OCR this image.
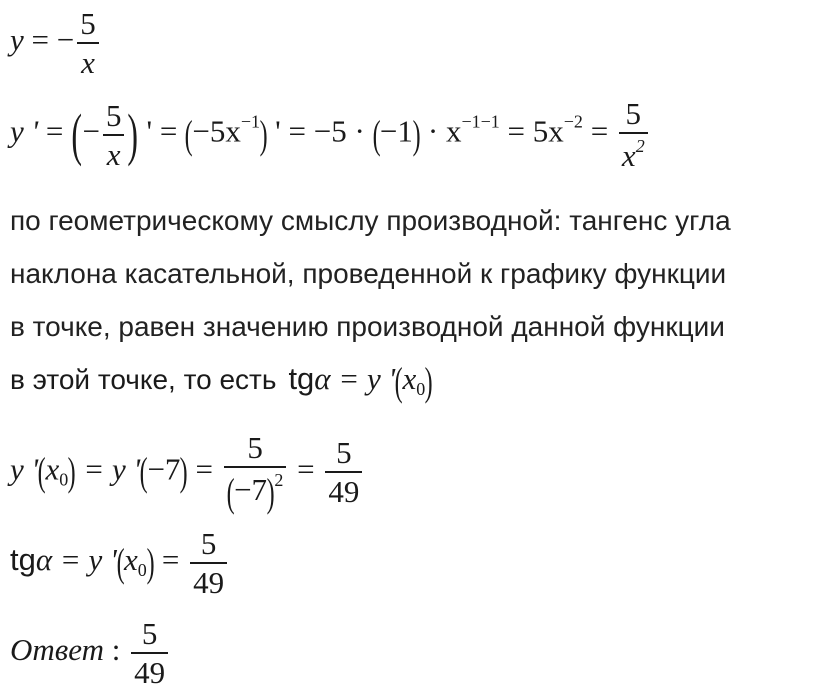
y = − $\frac{5}{x}$
y ' = (− $\frac{5}{x}$ ) ' = $(-5x^{-1})$ ' = $-5 \cdot (-1) \cdot x^{-1-1} = 5x^{-2} = \frac{5}{x^2}$
по геометрическому смыслу производной: тангенс угла
наклона касательной, проведенной к графику функции
в точке, равен значению производной данной функции
в этой точке, то есть tgα = y '$(x_0)$
y '$(x_0) = y$ '$(-7) = \frac{5}{(-7)^2} = \frac{5}{49}$
tgα = y '$(x_0) = \frac{5}{49}$
Ответ : $\frac{5}{49}$
